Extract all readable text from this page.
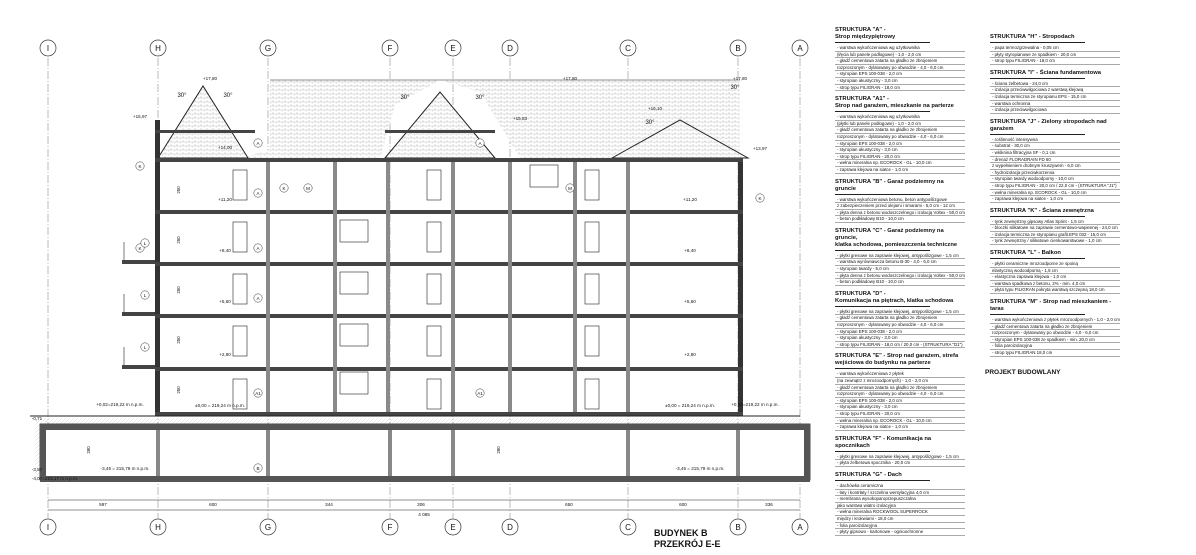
I
I
H
H
G
G
F
F
E
E
D
D
C
C
B
B
A
A
+17,80	+17,80	+17,80
+15,97
+16,10
+15,53
+13,97
+14,00
+11,20	+11,20
+8,40	+8,40
+5,60	+5,60
+2,80	+2,80
±0,00 = 219,24 m n.p.m.
+0,02=219,22 m n.p.m.	+0,02=219,22 m n.p.m.
±0,00 = 219,24 m n.p.m.
-3,45 = 215,79 m n.p.m.	-3,45 = 215,79 m n.p.m.
-4,07=215,17 m n.p.m.
-0,71
-3,57
30°	30°	30°	30°
30°
30°
A	A
A
A
A
K
K
K
K
M	M
L
L
L
B
A1	A1
597	600	344	306	650	600	336
4 085
250
250
250
250
250
280	280
STRUKTURA "A" -
Strop międzypiętrowy
- warstwa wykończeniowa wg użytkownika
(ł/ęcia lub panele podłogowe) - 1,0 - 2,0 cm
- gładź cementowa zatarta na gładko ze zbrojeniem
rozproszonym - dylatowany po obwodzie - 4,0 - 6,0 cm
- styropian EPS 100-038 - 2,0 cm
- styropian akustyczny - 3,0 cm
- strop typu FILIGRAN - 18,0 cm
STRUKTURA "A1" -
Strop nad garażem, mieszkanie na parterze
- warstwa wykończeniowa wg użytkownika
(płytki lub panele podłogowe) - 1,0 - 2,0 cm
- gładź cementowa zatarta na gładko ze zbrojeniem
rozproszonym - dylatowany po obwodzie - 4,0 - 6,0 cm
- styropian EPS 100-038 - 2,0 cm
- styropian akustyczny - 3,0 cm
- strop typu FILIGRAN - 20,0 cm
- wełna mineralna np. ECOROCK - GL - 10,0 cm
- zaprawa klejowa na siatce - 1,0 cm
STRUKTURA "B" - Garaż podziemny na gruncie
- warstwa wykończeniowa betonu, beton antypoślizgowe
z zabezpieczeniem przed olejami i smarami - 5,0 cm - 12 cm
- płyta denna z betonu wodoszczelnego i izolacją Voltex - 50,0 cm
- beton podkładowy B10 - 10,0 cm
STRUKTURA "C" - Garaż podziemny na gruncie,
klatka schodowa, pomieszczenia techniczne
- płytki gresowe na zaprawie klejowej, antypoślizgowe - 1,5 cm
- warstwa wyrównawcza betonu B-30 - 4,0 - 6,0 cm
- styropian twardy - 5,0 cm
- płyta denna z betonu wodoszczelnego i izolacją Voltex - 50,0 cm
- beton podkładowy B10 - 10,0 cm
STRUKTURA "D" -
Komunikacja na piętrach, klatka schodowa
- płytki gresowe na zaprawie klejowej, antypoślizgowe - 1,5 cm
- gładź cementowa zatarta na gładko ze zbrojeniem
rozproszonym - dylatowany po obwodzie - 4,0 - 6,0 cm
- styropian EPS 100-038 - 2,0 cm
- styropian akustyczny - 3,0 cm
- strop typu FILIGRAN - 18,0 cm / 20,0 cm - (STRUKTURA "D1")
STRUKTURA "E" - Strop nad garażem, strefa
wejściowa do budynku na parterze
- warstwa wykończeniowa z płytek
(na zewnątrz z mrozoodpornych) - 1,0 - 2,0 cm
- gładź cementowa zatarta na gładko ze zbrojeniem
rozproszonym - dylatowany po obwodzie - 4,0 - 6,0 cm
- styropian EPS 100-038 - 2,0 cm
- styropian akustyczny - 3,0 cm
- strop typu FILIGRAN - 20,0 cm
- wełna mineralna np. ECOROCK - GL - 10,0 cm
- zaprawa klejowa na siatce - 1,0 cm
STRUKTURA "F" - Komunikacja na spocznikach
- płytki gresowe na zaprawie klejowej, antypoślizgowe - 1,5 cm
- płyta żelbetowa spocznika - 20,0 cm
STRUKTURA "G" - Dach
- dachówka ceramiczna
- łaty i kontrłaty / szczelina wentylacyjna 4,0 cm
- membrana wysokoparoprzepuszczalna
jako warstwa wiatro izolacyjna
- wełna mineralna ROCKWOOL SUPERROCK
między i krokwiami - 18,0 cm
- folia paroizolacyjna
- płyty gipsowo - kartonowe - ognioochronne
STRUKTURA "H" - Stropodach
- papa termozgrzewalna - 0,05 cm
- płyty styropianowe ze spadkiem - 20,0 cm
- strop typu FILIGRAN - 18,0 cm
STRUKTURA "I" - Ściana fundamentowa
- ściana żelbetowa - 24,0 cm
- izolacja przeciwwilgociowa z warstwą klejową
- izolacja termiczna ze styropianu EPS - 15,0 cm
- warstwa ochronna
- izolacja przeciwwilgociowa
STRUKTURA "J" - Zielony stropodach nad garażem
- roślinność intensywna
- substrat - 30,0 cm
- włóknina filtracyjna SF - 0,1 cm
- drenaż FLORADRAIN FD 60
z wypełnieniem drobnym kruszywem - 6,0 cm
- hydroizolacja przeciwkorzenna
- styropian twardy wodoodporny - 10,0 cm
- strop typu FILIGRAN - 20,0 cm / 22,0 cm - (STRUKTURA "J1")
- wełna mineralna np. ECOROCK - GL - 10,0 cm
- zaprawa klejowa na siatce - 1,0 cm
STRUKTURA "K" - Ściana zewnętrzna
- tynk zewnętrzny gipsowy Atlas Sprint - 1,5 cm
- bloczki silikatowe na zaprawie cementowo-wapiennej - 24,0 cm
- izolacja termiczna ze styropianu grafit.EPS 032 - 15,0 cm
- tynk zewnętrzny / silikatowe cienkowarstwowe - 1,0 cm
STRUKTURA "L" - Balkon
- płytki ceramiczne mrozoodporne ze spoiną
elastyczną wodoodporną - 1,5 cm
- elastyczna zaprawa klejowa - 1,0 cm
- warstwa spadkowa z betonu, 2% - min. 4,0 cm
- płyta typu FILIGRAN pokryta warstwą szczepną 18,0 cm
STRUKTURA "M" - Strop nad mieszkaniem - taras
- warstwa wykończeniowa z płytek mrozoodpornych - 1,0 - 2,0 cm
- gładź cementowa zatarta na gładko ze zbrojeniem
rozproszonym - dylatowany po obwodzie - 4,0 - 6,0 cm
- styropian EPS 100-038 ze spadkiem - min. 20,0 cm
- folia paroizolacyjna
- strop typu FILIGRAN 18,0 cm
PROJEKT BUDOWLANY
BUDYNEK B
PRZEKRÓJ E-E
